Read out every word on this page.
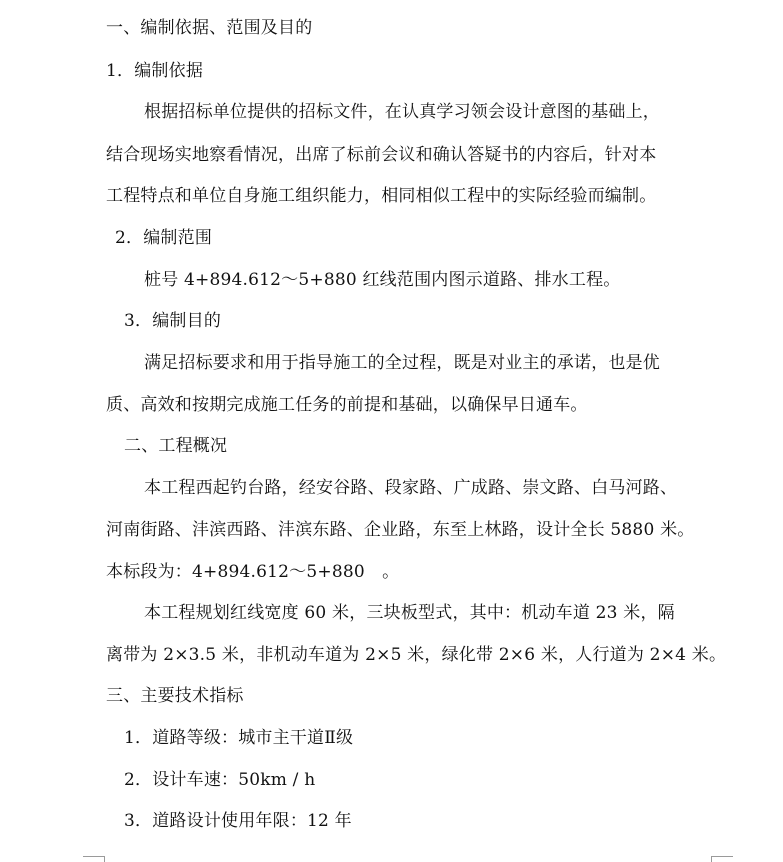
一、编制依据、范围及目的

1．编制依据

根据招标单位提供的招标文件，在认真学习领会设计意图的基础上，

结合现场实地察看情况，出席了标前会议和确认答疑书的内容后，针对本

工程特点和单位自身施工组织能力，相同相似工程中的实际经验而编制。

2．编制范围

桩号 4+894.612～5+880 红线范围内图示道路、排水工程。

3．编制目的

满足招标要求和用于指导施工的全过程，既是对业主的承诺，也是优

质、高效和按期完成施工任务的前提和基础，以确保早日通车。

二、工程概况

本工程西起钓台路，经安谷路、段家路、广成路、崇文路、白马河路、

河南街路、沣滨西路、沣滨东路、企业路，东至上林路，设计全长 5880 米。

本标段为：4+894.612～5+880　。

本工程规划红线宽度 60 米，三块板型式，其中：机动车道 23 米，隔

离带为 2×3.5 米，非机动车道为 2×5 米，绿化带 2×6 米，人行道为 2×4 米。

三、主要技术指标

1．道路等级：城市主干道Ⅱ级

2．设计车速：50km / h

3．道路设计使用年限：12 年
